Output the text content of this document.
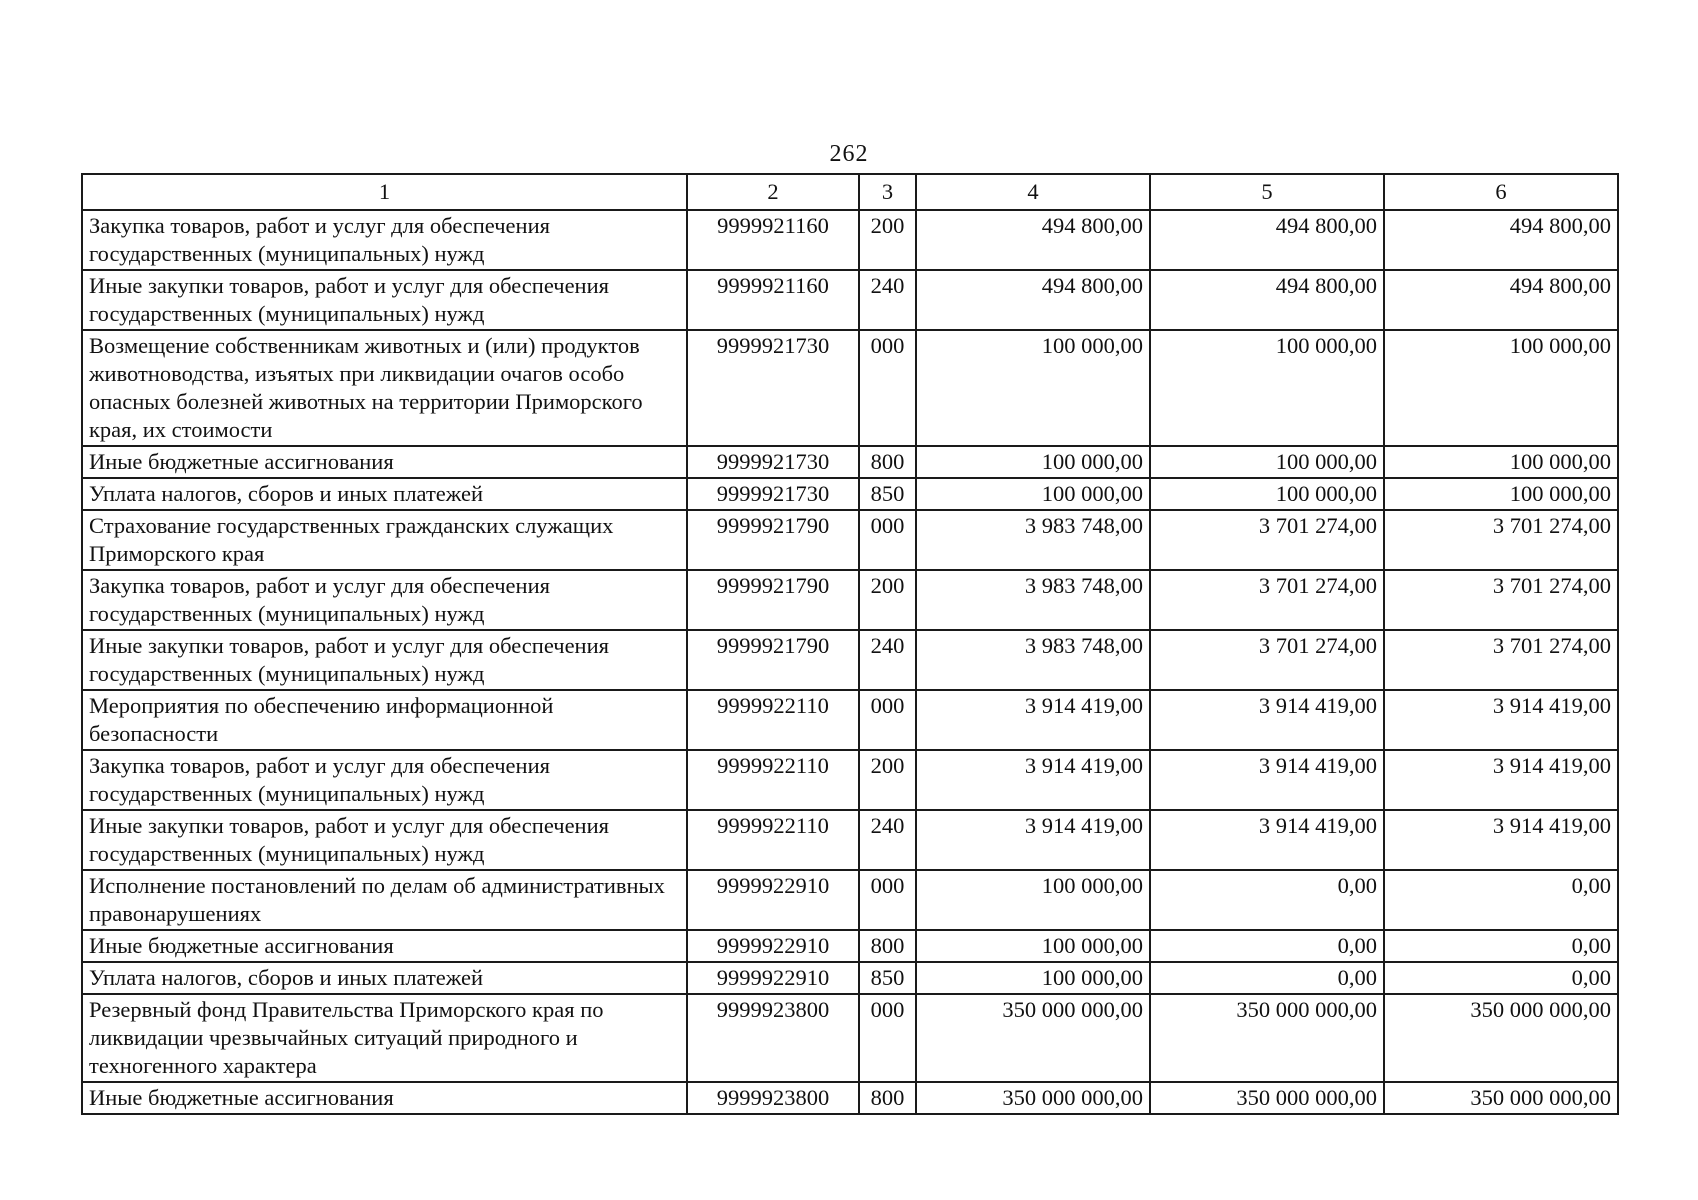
262
1	2	3	4	5	6
Закупка товаров, работ и услуг для обеспечения государственных (муниципальных) нужд	9999921160	200	494 800,00	494 800,00	494 800,00
Иные закупки товаров, работ и услуг для обеспечения государственных (муниципальных) нужд	9999921160	240	494 800,00	494 800,00	494 800,00
Возмещение собственникам животных и (или) продуктов животноводства, изъятых при ликвидации очагов особо опасных болезней животных на территории Приморского края, их стоимости	9999921730	000	100 000,00	100 000,00	100 000,00
Иные бюджетные ассигнования	9999921730	800	100 000,00	100 000,00	100 000,00
Уплата налогов, сборов и иных платежей	9999921730	850	100 000,00	100 000,00	100 000,00
Страхование государственных гражданских служащих Приморского края	9999921790	000	3 983 748,00	3 701 274,00	3 701 274,00
Закупка товаров, работ и услуг для обеспечения государственных (муниципальных) нужд	9999921790	200	3 983 748,00	3 701 274,00	3 701 274,00
Иные закупки товаров, работ и услуг для обеспечения государственных (муниципальных) нужд	9999921790	240	3 983 748,00	3 701 274,00	3 701 274,00
Мероприятия по обеспечению информационной безопасности	9999922110	000	3 914 419,00	3 914 419,00	3 914 419,00
Закупка товаров, работ и услуг для обеспечения государственных (муниципальных) нужд	9999922110	200	3 914 419,00	3 914 419,00	3 914 419,00
Иные закупки товаров, работ и услуг для обеспечения государственных (муниципальных) нужд	9999922110	240	3 914 419,00	3 914 419,00	3 914 419,00
Исполнение постановлений по делам об административных правонарушениях	9999922910	000	100 000,00	0,00	0,00
Иные бюджетные ассигнования	9999922910	800	100 000,00	0,00	0,00
Уплата налогов, сборов и иных платежей	9999922910	850	100 000,00	0,00	0,00
Резервный фонд Правительства Приморского края по ликвидации чрезвычайных ситуаций природного и техногенного характера	9999923800	000	350 000 000,00	350 000 000,00	350 000 000,00
Иные бюджетные ассигнования	9999923800	800	350 000 000,00	350 000 000,00	350 000 000,00
